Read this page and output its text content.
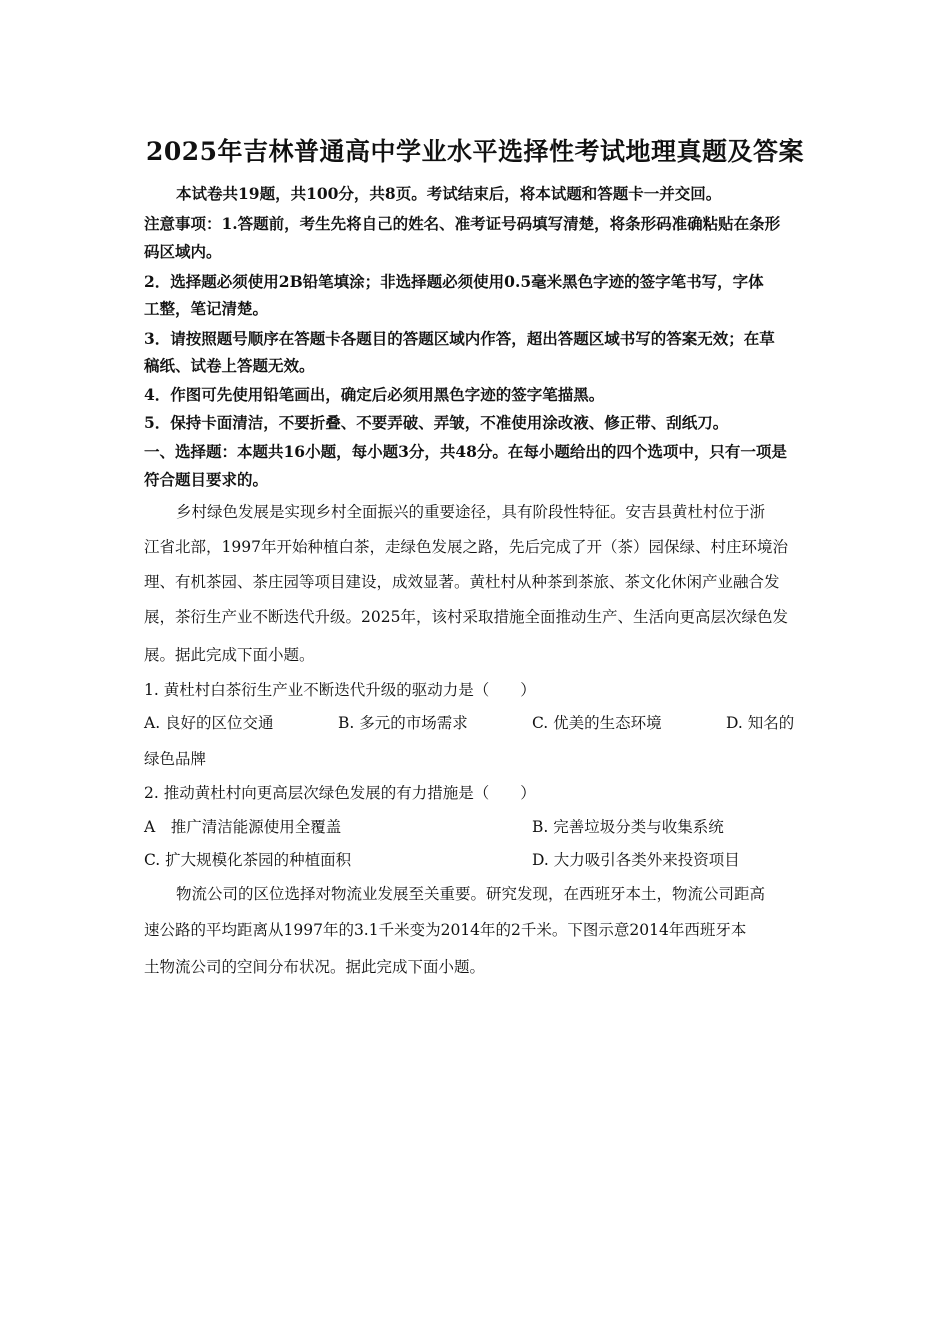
2025年吉林普通高中学业水平选择性考试地理真题及答案
本试卷共19题，共100分，共8页。考试结束后，将本试题和答题卡一并交回。
注意事项：1.答题前，考生先将自己的姓名、准考证号码填写清楚，将条形码准确粘贴在条形
码区域内。
2．选择题必须使用2B铅笔填涂；非选择题必须使用0.5毫米黑色字迹的签字笔书写，字体
工整，笔记清楚。
3．请按照题号顺序在答题卡各题目的答题区域内作答，超出答题区域书写的答案无效；在草
稿纸、试卷上答题无效。
4．作图可先使用铅笔画出，确定后必须用黑色字迹的签字笔描黑。
5．保持卡面清洁，不要折叠、不要弄破、弄皱，不准使用涂改液、修正带、刮纸刀。
一、选择题：本题共16小题，每小题3分，共48分。在每小题给出的四个选项中，只有一项是
符合题目要求的。
乡村绿色发展是实现乡村全面振兴的重要途径，具有阶段性特征。安吉县黄杜村位于浙
江省北部，1997年开始种植白茶，走绿色发展之路，先后完成了开（茶）园保绿、村庄环境治
理、有机茶园、茶庄园等项目建设，成效显著。黄杜村从种茶到茶旅、茶文化休闲产业融合发
展，茶衍生产业不断迭代升级。2025年，该村采取措施全面推动生产、生活向更高层次绿色发
展。据此完成下面小题。
1. 黄杜村白茶衍生产业不断迭代升级的驱动力是（　　）
A. 良好的区位交通	B. 多元的市场需求	C. 优美的生态环境	D. 知名的
绿色品牌
2. 推动黄杜村向更高层次绿色发展的有力措施是（　　）
A　推广清洁能源使用全覆盖	B. 完善垃圾分类与收集系统
C. 扩大规模化茶园的种植面积	D. 大力吸引各类外来投资项目
物流公司的区位选择对物流业发展至关重要。研究发现，在西班牙本土，物流公司距高
速公路的平均距离从1997年的3.1千米变为2014年的2千米。下图示意2014年西班牙本
土物流公司的空间分布状况。据此完成下面小题。
